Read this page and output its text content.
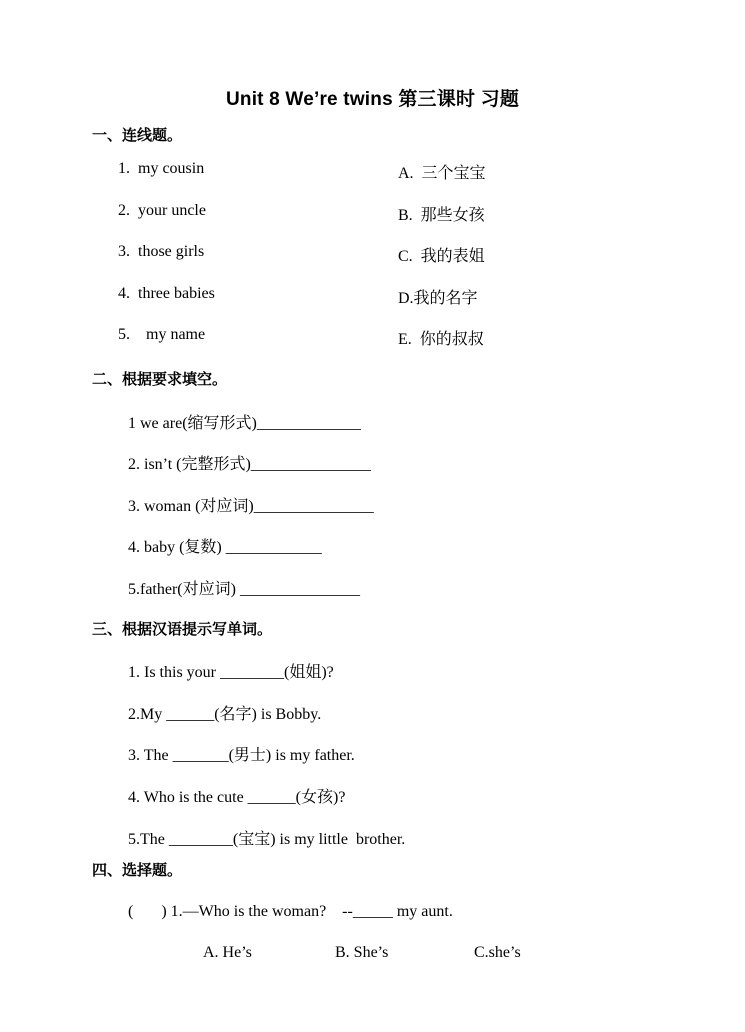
Unit 8 We’re twins 第三课时 习题
一、连线题。
1.  my cousin
2.  your uncle
3.  those girls
4.  three babies
5.    my name
A.  三个宝宝
B.  那些女孩
C.  我的表姐
D.我的名字
E.  你的叔叔
二、根据要求填空。
1 we are(缩写形式)_____________
2. isn’t (完整形式)_______________
3. woman (对应词)_______________
4. baby (复数) ____________
5.father(对应词) _______________
三、根据汉语提示写单词。
1. Is this your ________(姐姐)?
2.My ______(名字) is Bobby.
3. The _______(男士) is my father.
4. Who is the cute ______(女孩)?
5.The ________(宝宝) is my little  brother.
四、选择题。
(       ) 1.—Who is the woman?    --_____ my aunt.
A. He’s	B. She’s	C.she’s
